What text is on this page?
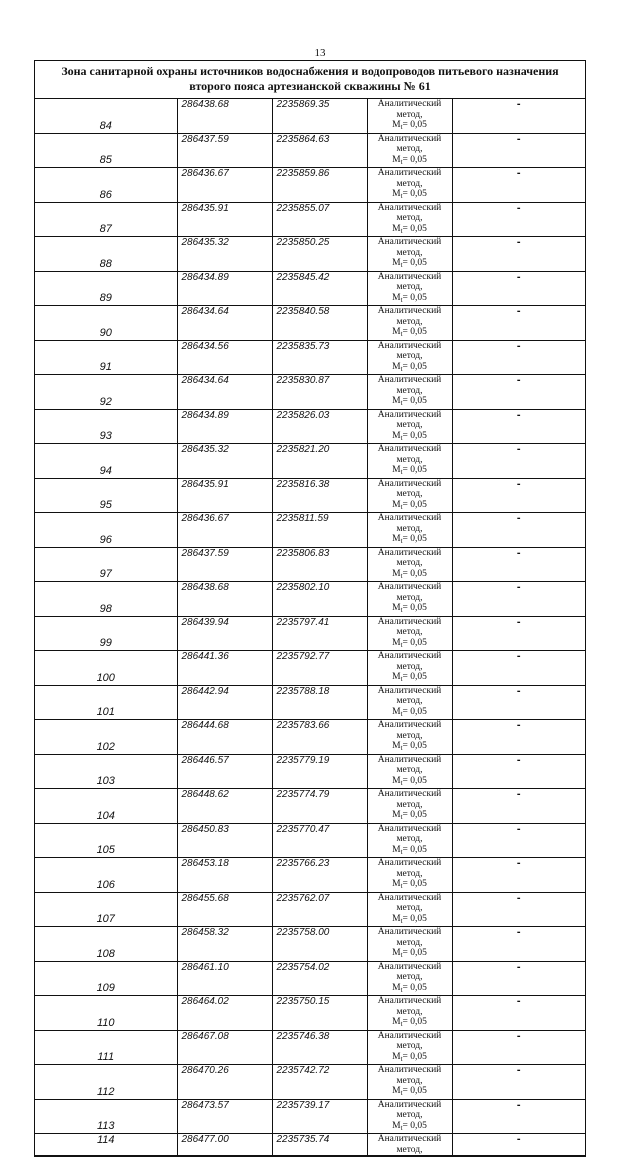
13
Зона санитарной охраны источников водоснабжения и водопроводов питьевого назначения
второго пояса артезианской скважины № 61
84	286438.68	2235869.35	Аналитический метод,
$M_t= 0,05$	-
85	286437.59	2235864.63	Аналитический метод,
$M_t= 0,05$	-
86	286436.67	2235859.86	Аналитический метод,
$M_t= 0,05$	-
87	286435.91	2235855.07	Аналитический метод,
$M_t= 0,05$	-
88	286435.32	2235850.25	Аналитический метод,
$M_t= 0,05$	-
89	286434.89	2235845.42	Аналитический метод,
$M_t= 0,05$	-
90	286434.64	2235840.58	Аналитический метод,
$M_t= 0,05$	-
91	286434.56	2235835.73	Аналитический метод,
$M_t= 0,05$	-
92	286434.64	2235830.87	Аналитический метод,
$M_t= 0,05$	-
93	286434.89	2235826.03	Аналитический метод,
$M_t= 0,05$	-
94	286435.32	2235821.20	Аналитический метод,
$M_t= 0,05$	-
95	286435.91	2235816.38	Аналитический метод,
$M_t= 0,05$	-
96	286436.67	2235811.59	Аналитический метод,
$M_t= 0,05$	-
97	286437.59	2235806.83	Аналитический метод,
$M_t= 0,05$	-
98	286438.68	2235802.10	Аналитический метод,
$M_t= 0,05$	-
99	286439.94	2235797.41	Аналитический метод,
$M_t= 0,05$	-
100	286441.36	2235792.77	Аналитический метод,
$M_t= 0,05$	-
101	286442.94	2235788.18	Аналитический метод,
$M_t= 0,05$	-
102	286444.68	2235783.66	Аналитический метод,
$M_t= 0,05$	-
103	286446.57	2235779.19	Аналитический метод,
$M_t= 0,05$	-
104	286448.62	2235774.79	Аналитический метод,
$M_t= 0,05$	-
105	286450.83	2235770.47	Аналитический метод,
$M_t= 0,05$	-
106	286453.18	2235766.23	Аналитический метод,
$M_t= 0,05$	-
107	286455.68	2235762.07	Аналитический метод,
$M_t= 0,05$	-
108	286458.32	2235758.00	Аналитический метод,
$M_t= 0,05$	-
109	286461.10	2235754.02	Аналитический метод,
$M_t= 0,05$	-
110	286464.02	2235750.15	Аналитический метод,
$M_t= 0,05$	-
111	286467.08	2235746.38	Аналитический метод,
$M_t= 0,05$	-
112	286470.26	2235742.72	Аналитический метод,
$M_t= 0,05$	-
113	286473.57	2235739.17	Аналитический метод,
$M_t= 0,05$	-
114	286477.00	2235735.74	Аналитический метод,	-
